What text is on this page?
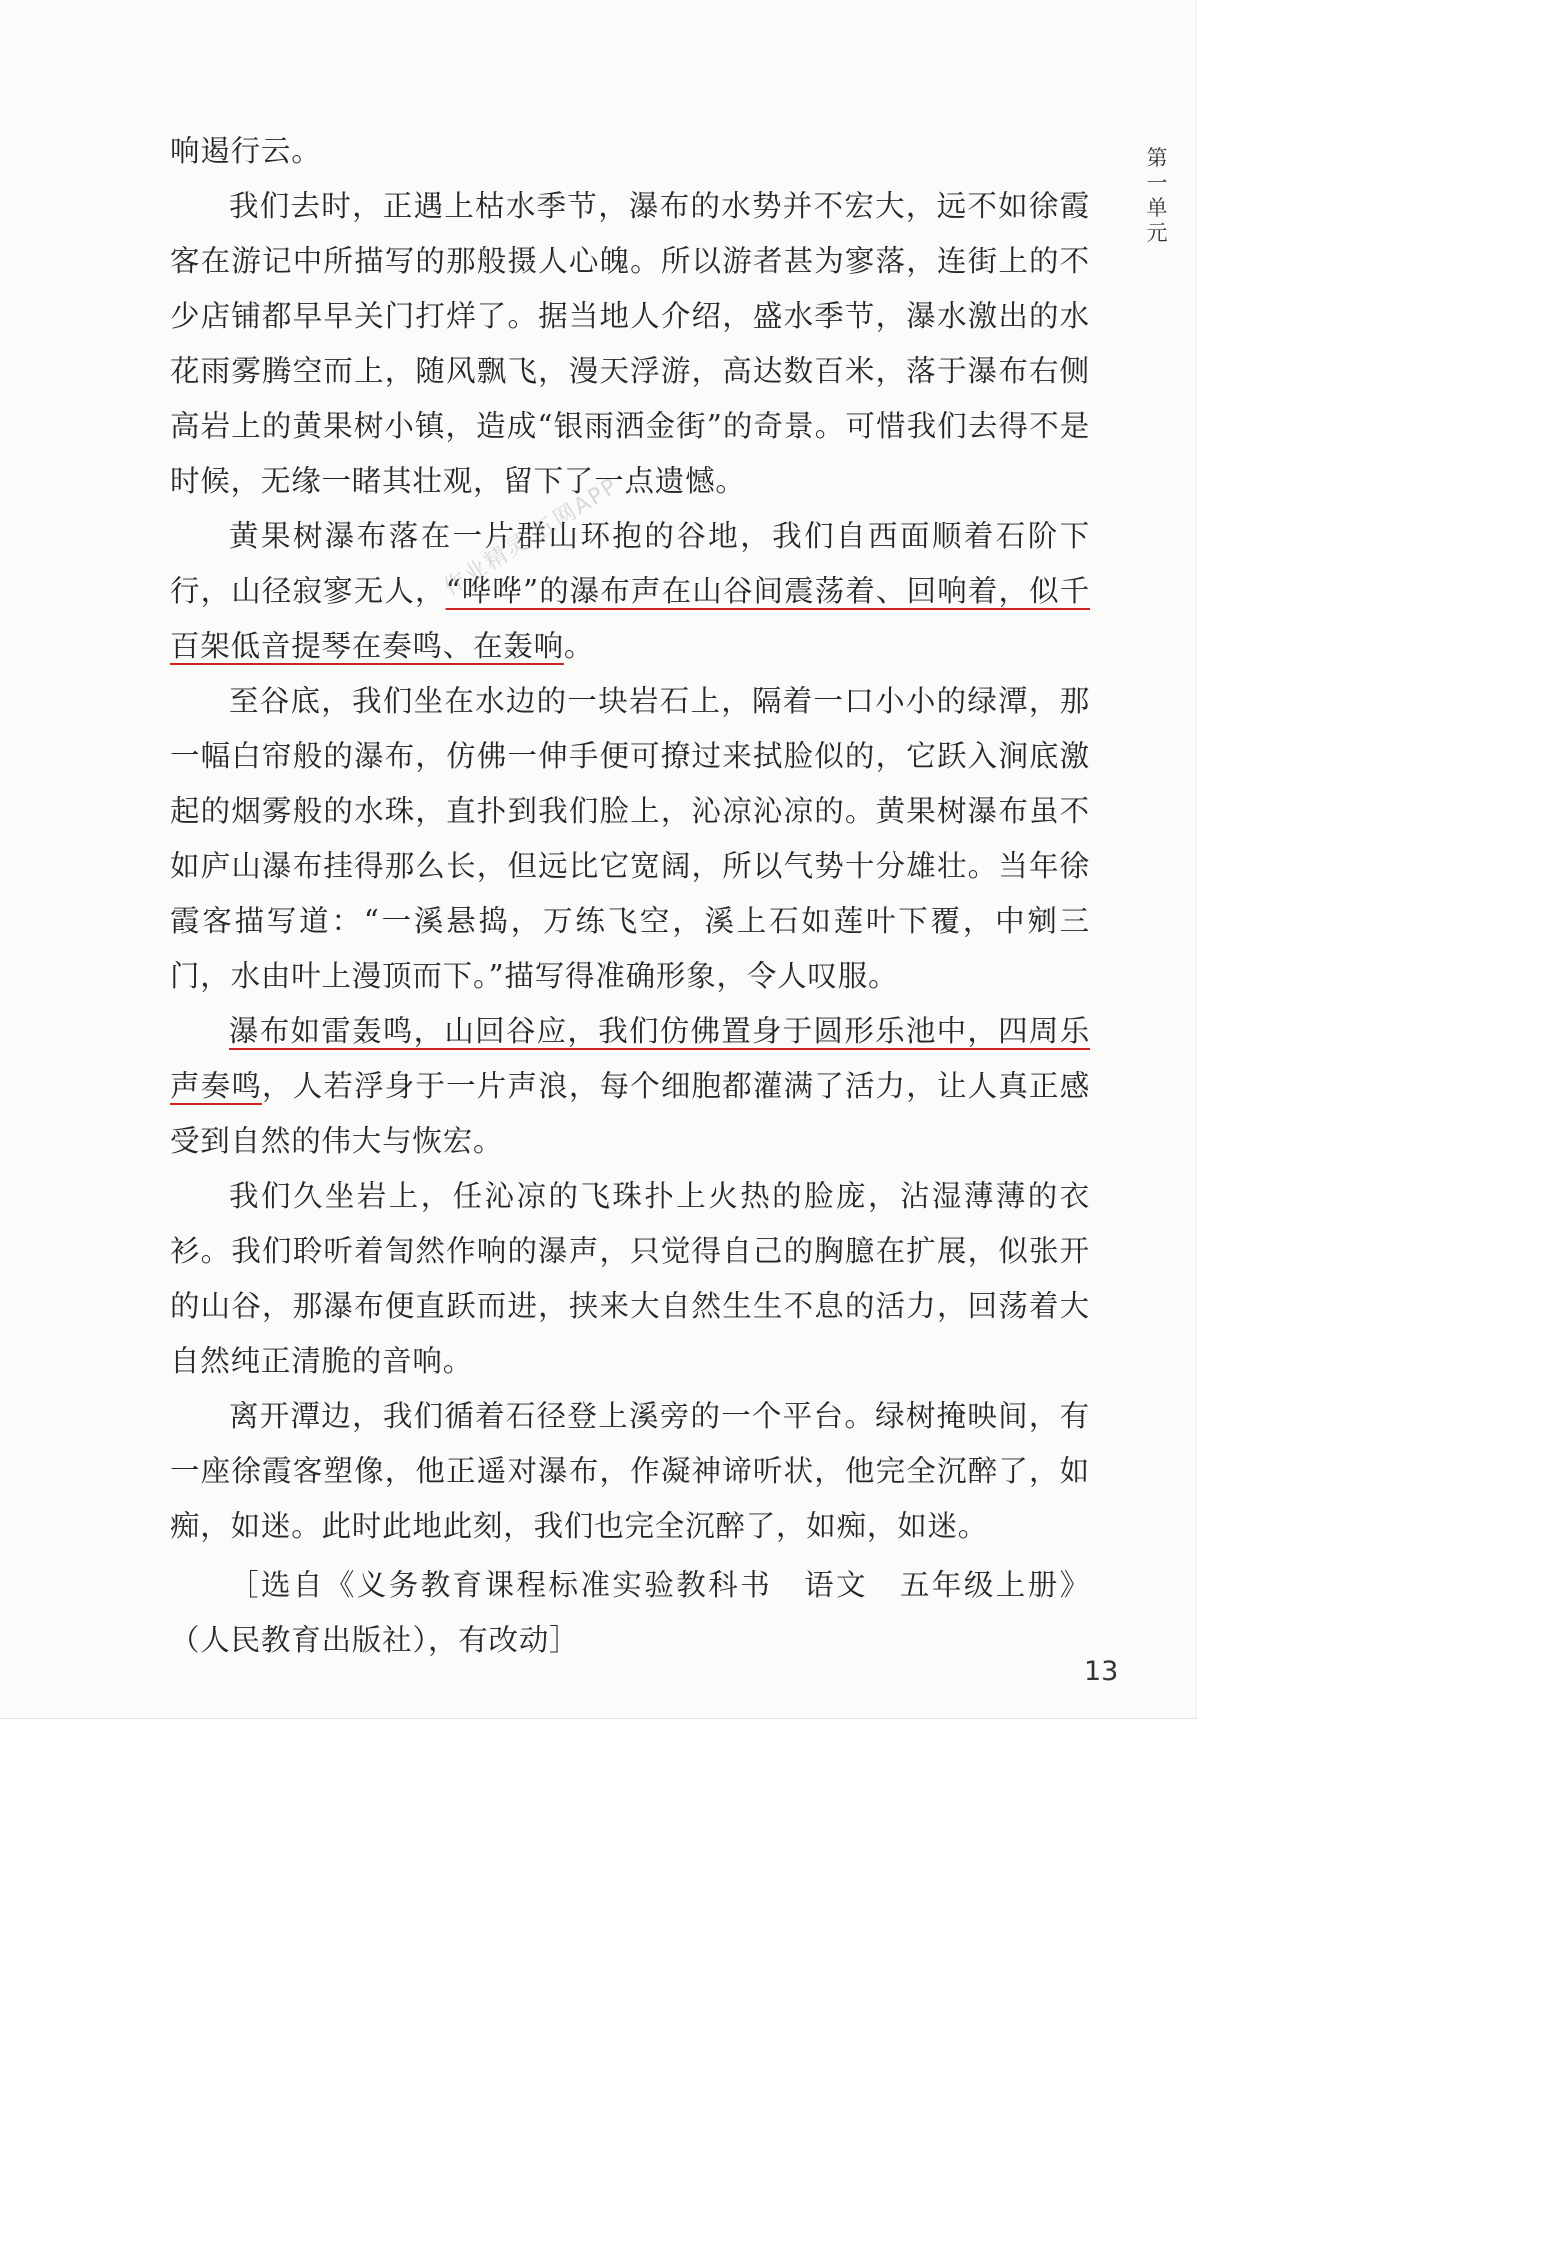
第一单元

响遏行云。

我们去时，正遇上枯水季节，瀑布的水势并不宏大，远不如徐霞客在游记中所描写的那般摄人心魄。所以游者甚为寥落，连街上的不少店铺都早早关门打烊了。据当地人介绍，盛水季节，瀑水激出的水花雨雾腾空而上，随风飘飞，漫天浮游，高达数百米，落于瀑布右侧高岩上的黄果树小镇，造成“银雨洒金街”的奇景。可惜我们去得不是时候，无缘一睹其壮观，留下了一点遗憾。

黄果树瀑布落在一片群山环抱的谷地，我们自西面顺着石阶下行，山径寂寥无人，“哗哗”的瀑布声在山谷间震荡着、回响着，似千百架低音提琴在奏鸣、在轰响。

至谷底，我们坐在水边的一块岩石上，隔着一口小小的绿潭，那一幅白帘般的瀑布，仿佛一伸手便可撩过来拭脸似的，它跃入涧底激起的烟雾般的水珠，直扑到我们脸上，沁凉沁凉的。黄果树瀑布虽不如庐山瀑布挂得那么长，但远比它宽阔，所以气势十分雄壮。当年徐霞客描写道：“一溪悬捣，万练飞空，溪上石如莲叶下覆，中剜三门，水由叶上漫顶而下。”描写得准确形象，令人叹服。

瀑布如雷轰鸣，山回谷应，我们仿佛置身于圆形乐池中，四周乐声奏鸣，人若浮身于一片声浪，每个细胞都灌满了活力，让人真正感受到自然的伟大与恢宏。

我们久坐岩上，任沁凉的飞珠扑上火热的脸庞，沾湿薄薄的衣衫。我们聆听着訇然作响的瀑声，只觉得自己的胸臆在扩展，似张开的山谷，那瀑布便直跃而进，挟来大自然生生不息的活力，回荡着大自然纯正清脆的音响。

离开潭边，我们循着石径登上溪旁的一个平台。绿树掩映间，有一座徐霞客塑像，他正遥对瀑布，作凝神谛听状，他完全沉醉了，如痴，如迷。此时此地此刻，我们也完全沉醉了，如痴，如迷。

［选自《义务教育课程标准实验教科书　语文　五年级上册》（人民教育出版社），有改动］

13
作业精灵 五网APP
